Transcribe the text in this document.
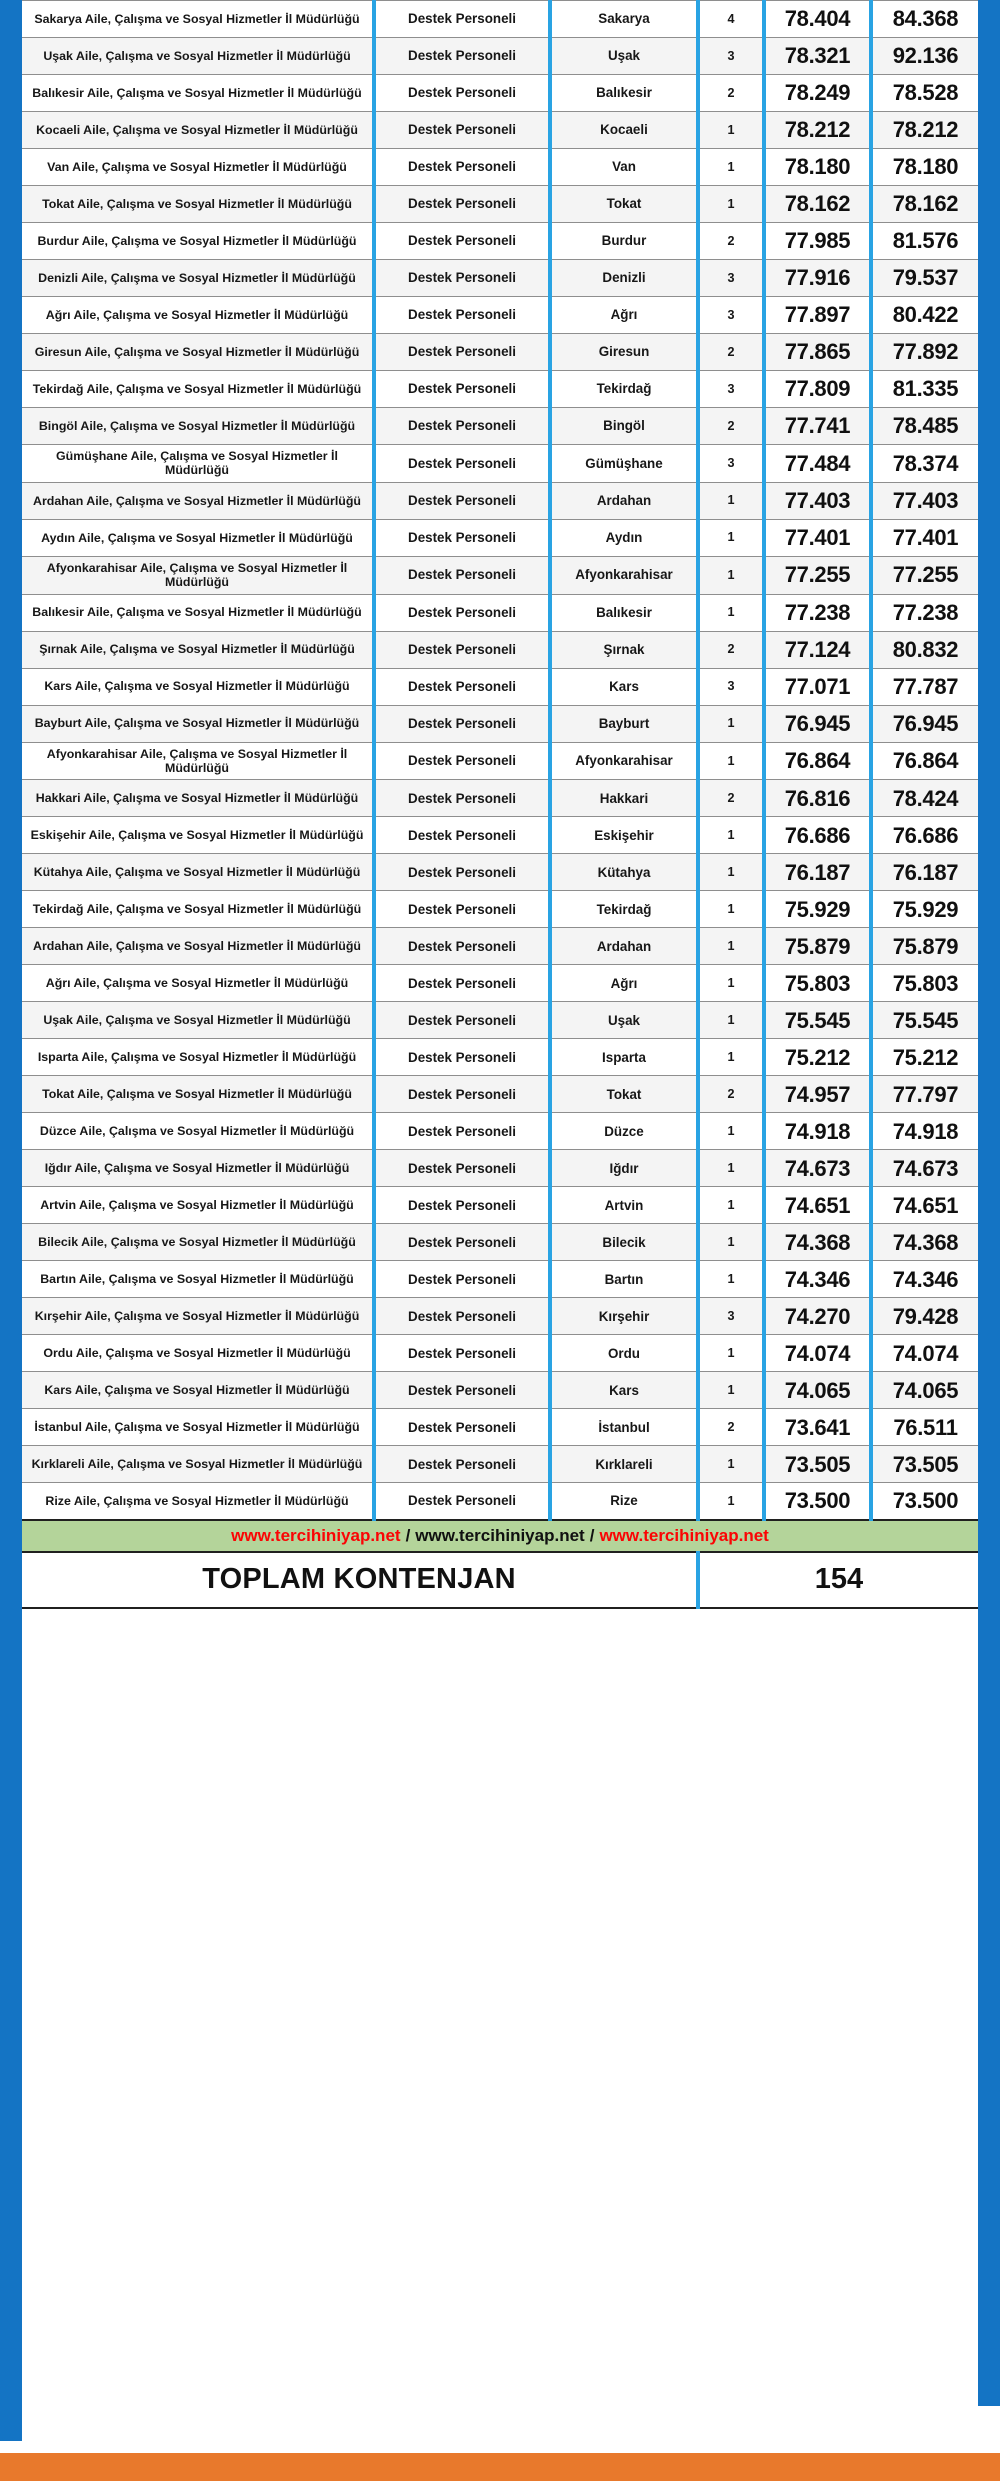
Sakarya Aile, Çalışma ve Sosyal Hizmetler İl Müdürlüğü	Destek Personeli	Sakarya	4	78.404	84.368

Uşak Aile, Çalışma ve Sosyal Hizmetler İl Müdürlüğü	Destek Personeli	Uşak	3	78.321	92.136

Balıkesir Aile, Çalışma ve Sosyal Hizmetler İl Müdürlüğü	Destek Personeli	Balıkesir	2	78.249	78.528

Kocaeli Aile, Çalışma ve Sosyal Hizmetler İl Müdürlüğü	Destek Personeli	Kocaeli	1	78.212	78.212

Van Aile, Çalışma ve Sosyal Hizmetler İl Müdürlüğü	Destek Personeli	Van	1	78.180	78.180

Tokat Aile, Çalışma ve Sosyal Hizmetler İl Müdürlüğü	Destek Personeli	Tokat	1	78.162	78.162

Burdur Aile, Çalışma ve Sosyal Hizmetler İl Müdürlüğü	Destek Personeli	Burdur	2	77.985	81.576

Denizli Aile, Çalışma ve Sosyal Hizmetler İl Müdürlüğü	Destek Personeli	Denizli	3	77.916	79.537

Ağrı Aile, Çalışma ve Sosyal Hizmetler İl Müdürlüğü	Destek Personeli	Ağrı	3	77.897	80.422

Giresun Aile, Çalışma ve Sosyal Hizmetler İl Müdürlüğü	Destek Personeli	Giresun	2	77.865	77.892

Tekirdağ Aile, Çalışma ve Sosyal Hizmetler İl Müdürlüğü	Destek Personeli	Tekirdağ	3	77.809	81.335

Bingöl Aile, Çalışma ve Sosyal Hizmetler İl Müdürlüğü	Destek Personeli	Bingöl	2	77.741	78.485

Gümüşhane Aile, Çalışma ve Sosyal Hizmetler İl Müdürlüğü	Destek Personeli	Gümüşhane	3	77.484	78.374

Ardahan Aile, Çalışma ve Sosyal Hizmetler İl Müdürlüğü	Destek Personeli	Ardahan	1	77.403	77.403

Aydın Aile, Çalışma ve Sosyal Hizmetler İl Müdürlüğü	Destek Personeli	Aydın	1	77.401	77.401

Afyonkarahisar Aile, Çalışma ve Sosyal Hizmetler İl Müdürlüğü	Destek Personeli	Afyonkarahisar	1	77.255	77.255

Balıkesir Aile, Çalışma ve Sosyal Hizmetler İl Müdürlüğü	Destek Personeli	Balıkesir	1	77.238	77.238

Şırnak Aile, Çalışma ve Sosyal Hizmetler İl Müdürlüğü	Destek Personeli	Şırnak	2	77.124	80.832

Kars Aile, Çalışma ve Sosyal Hizmetler İl Müdürlüğü	Destek Personeli	Kars	3	77.071	77.787

Bayburt Aile, Çalışma ve Sosyal Hizmetler İl Müdürlüğü	Destek Personeli	Bayburt	1	76.945	76.945

Afyonkarahisar Aile, Çalışma ve Sosyal Hizmetler İl Müdürlüğü	Destek Personeli	Afyonkarahisar	1	76.864	76.864

Hakkari Aile, Çalışma ve Sosyal Hizmetler İl Müdürlüğü	Destek Personeli	Hakkari	2	76.816	78.424

Eskişehir Aile, Çalışma ve Sosyal Hizmetler İl Müdürlüğü	Destek Personeli	Eskişehir	1	76.686	76.686

Kütahya Aile, Çalışma ve Sosyal Hizmetler İl Müdürlüğü	Destek Personeli	Kütahya	1	76.187	76.187

Tekirdağ Aile, Çalışma ve Sosyal Hizmetler İl Müdürlüğü	Destek Personeli	Tekirdağ	1	75.929	75.929

Ardahan Aile, Çalışma ve Sosyal Hizmetler İl Müdürlüğü	Destek Personeli	Ardahan	1	75.879	75.879

Ağrı Aile, Çalışma ve Sosyal Hizmetler İl Müdürlüğü	Destek Personeli	Ağrı	1	75.803	75.803

Uşak Aile, Çalışma ve Sosyal Hizmetler İl Müdürlüğü	Destek Personeli	Uşak	1	75.545	75.545

Isparta Aile, Çalışma ve Sosyal Hizmetler İl Müdürlüğü	Destek Personeli	Isparta	1	75.212	75.212

Tokat Aile, Çalışma ve Sosyal Hizmetler İl Müdürlüğü	Destek Personeli	Tokat	2	74.957	77.797

Düzce Aile, Çalışma ve Sosyal Hizmetler İl Müdürlüğü	Destek Personeli	Düzce	1	74.918	74.918

Iğdır Aile, Çalışma ve Sosyal Hizmetler İl Müdürlüğü	Destek Personeli	Iğdır	1	74.673	74.673

Artvin Aile, Çalışma ve Sosyal Hizmetler İl Müdürlüğü	Destek Personeli	Artvin	1	74.651	74.651

Bilecik Aile, Çalışma ve Sosyal Hizmetler İl Müdürlüğü	Destek Personeli	Bilecik	1	74.368	74.368

Bartın Aile, Çalışma ve Sosyal Hizmetler İl Müdürlüğü	Destek Personeli	Bartın	1	74.346	74.346

Kırşehir Aile, Çalışma ve Sosyal Hizmetler İl Müdürlüğü	Destek Personeli	Kırşehir	3	74.270	79.428

Ordu Aile, Çalışma ve Sosyal Hizmetler İl Müdürlüğü	Destek Personeli	Ordu	1	74.074	74.074

Kars Aile, Çalışma ve Sosyal Hizmetler İl Müdürlüğü	Destek Personeli	Kars	1	74.065	74.065

İstanbul Aile, Çalışma ve Sosyal Hizmetler İl Müdürlüğü	Destek Personeli	İstanbul	2	73.641	76.511

Kırklareli Aile, Çalışma ve Sosyal Hizmetler İl Müdürlüğü	Destek Personeli	Kırklareli	1	73.505	73.505

Rize Aile, Çalışma ve Sosyal Hizmetler İl Müdürlüğü	Destek Personeli	Rize	1	73.500	73.500

www.tercihiniyap.net / www.tercihiniyap.net / www.tercihiniyap.net					

TOPLAM KONTENJAN			154		
